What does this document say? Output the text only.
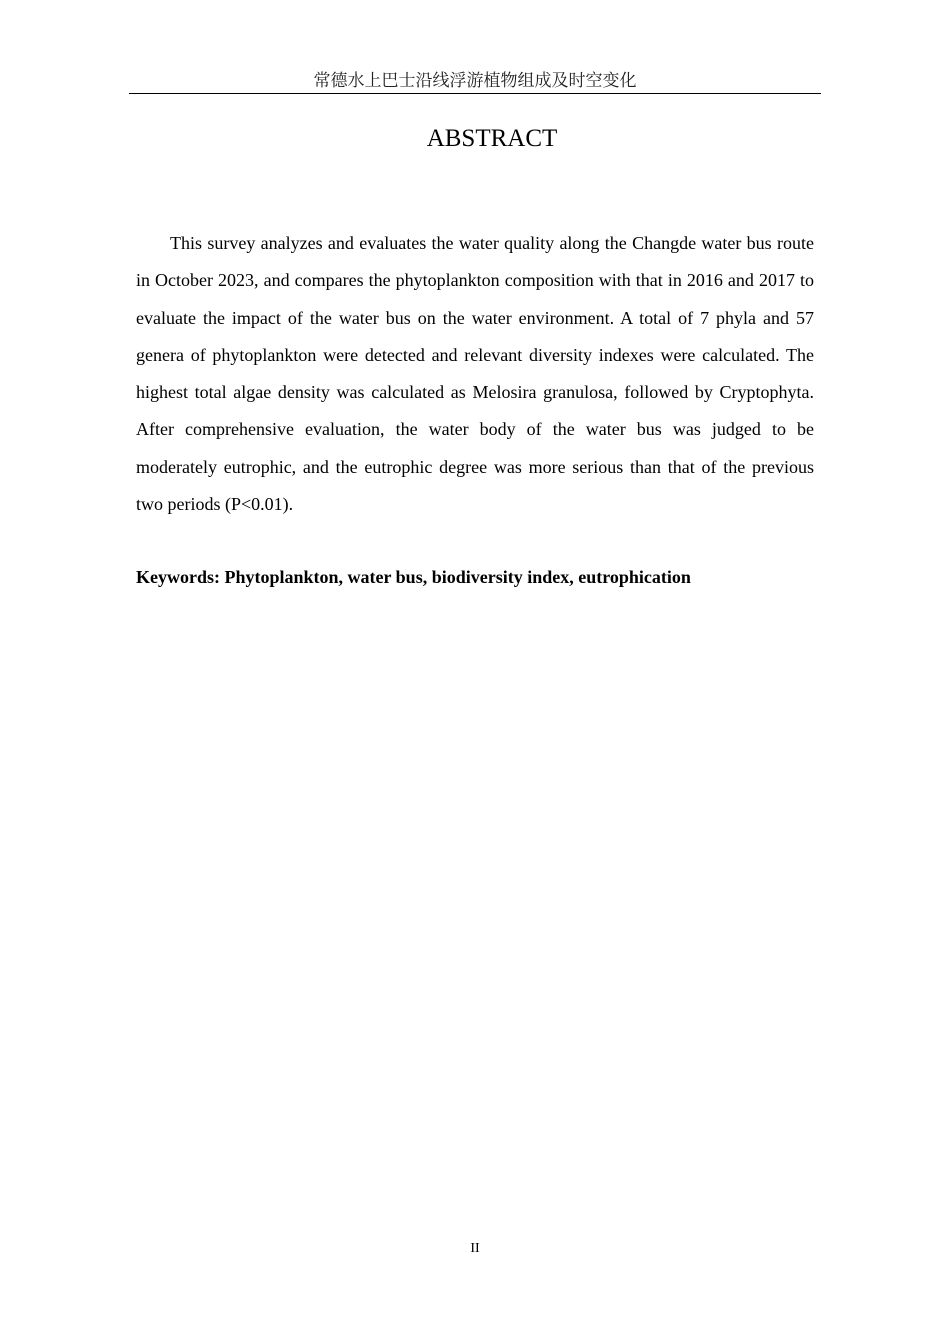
常德水上巴士沿线浮游植物组成及时空变化
ABSTRACT

This survey analyzes and evaluates the water quality along the Changde water bus route in October 2023, and compares the phytoplankton composition with that in 2016 and 2017 to evaluate the impact of the water bus on the water environment. A total of 7 phyla and 57 genera of phytoplankton were detected and relevant diversity indexes were calculated. The highest total algae density was calculated as Melosira granulosa, followed by Cryptophyta. After comprehensive evaluation, the water body of the water bus was judged to be moderately eutrophic, and the eutrophic degree was more serious than that of the previous two periods (P<0.01).

Keywords: Phytoplankton, water bus, biodiversity index, eutrophication

II
